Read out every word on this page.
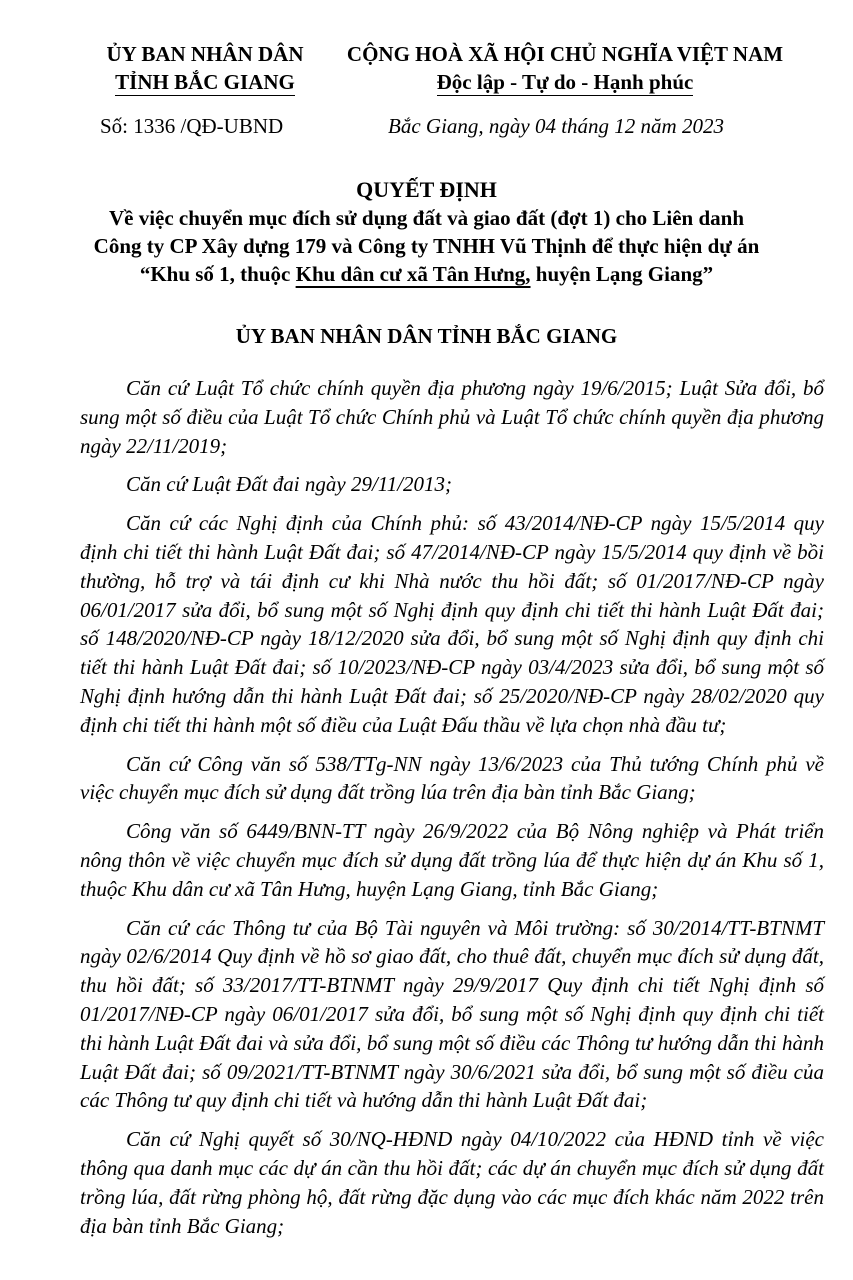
ỦY BAN NHÂN DÂN
TỈNH BẮC GIANG
CỘNG HOÀ XÃ HỘI CHỦ NGHĨA VIỆT NAM
Độc lập - Tự do - Hạnh phúc
Số: 1336 /QĐ-UBND	Bắc Giang, ngày 04 tháng 12 năm 2023
QUYẾT ĐỊNH
Về việc chuyển mục đích sử dụng đất và giao đất (đợt 1) cho Liên danh
Công ty CP Xây dựng 179 và Công ty TNHH Vũ Thịnh để thực hiện dự án
“Khu số 1, thuộc Khu dân cư xã Tân Hưng, huyện Lạng Giang”
ỦY BAN NHÂN DÂN TỈNH BẮC GIANG

Căn cứ Luật Tổ chức chính quyền địa phương ngày 19/6/2015; Luật Sửa đổi, bổ sung một số điều của Luật Tổ chức Chính phủ và Luật Tổ chức chính quyền địa phương ngày 22/11/2019;

Căn cứ Luật Đất đai ngày 29/11/2013;

Căn cứ các Nghị định của Chính phủ: số 43/2014/NĐ-CP ngày 15/5/2014 quy định chi tiết thi hành Luật Đất đai; số 47/2014/NĐ-CP ngày 15/5/2014 quy định về bồi thường, hỗ trợ và tái định cư khi Nhà nước thu hồi đất; số 01/2017/NĐ-CP ngày 06/01/2017 sửa đổi, bổ sung một số Nghị định quy định chi tiết thi hành Luật Đất đai; số 148/2020/NĐ-CP ngày 18/12/2020 sửa đổi, bổ sung một số Nghị định quy định chi tiết thi hành Luật Đất đai; số 10/2023/NĐ-CP ngày 03/4/2023 sửa đổi, bổ sung một số Nghị định hướng dẫn thi hành Luật Đất đai; số 25/2020/NĐ-CP ngày 28/02/2020 quy định chi tiết thi hành một số điều của Luật Đấu thầu về lựa chọn nhà đầu tư;

Căn cứ Công văn số 538/TTg-NN ngày 13/6/2023 của Thủ tướng Chính phủ về việc chuyển mục đích sử dụng đất trồng lúa trên địa bàn tỉnh Bắc Giang;

Công văn số 6449/BNN-TT ngày 26/9/2022 của Bộ Nông nghiệp và Phát triển nông thôn về việc chuyển mục đích sử dụng đất trồng lúa để thực hiện dự án Khu số 1, thuộc Khu dân cư xã Tân Hưng, huyện Lạng Giang, tỉnh Bắc Giang;

Căn cứ các Thông tư của Bộ Tài nguyên và Môi trường: số 30/2014/TT-BTNMT ngày 02/6/2014 Quy định về hồ sơ giao đất, cho thuê đất, chuyển mục đích sử dụng đất, thu hồi đất; số 33/2017/TT-BTNMT ngày 29/9/2017 Quy định chi tiết Nghị định số 01/2017/NĐ-CP ngày 06/01/2017 sửa đổi, bổ sung một số Nghị định quy định chi tiết thi hành Luật Đất đai và sửa đổi, bổ sung một số điều các Thông tư hướng dẫn thi hành Luật Đất đai; số 09/2021/TT-BTNMT ngày 30/6/2021 sửa đổi, bổ sung một số điều của các Thông tư quy định chi tiết và hướng dẫn thi hành Luật Đất đai;

Căn cứ Nghị quyết số 30/NQ-HĐND ngày 04/10/2022 của HĐND tỉnh về việc thông qua danh mục các dự án cần thu hồi đất; các dự án chuyển mục đích sử dụng đất trồng lúa, đất rừng phòng hộ, đất rừng đặc dụng vào các mục đích khác năm 2022 trên địa bàn tỉnh Bắc Giang;
